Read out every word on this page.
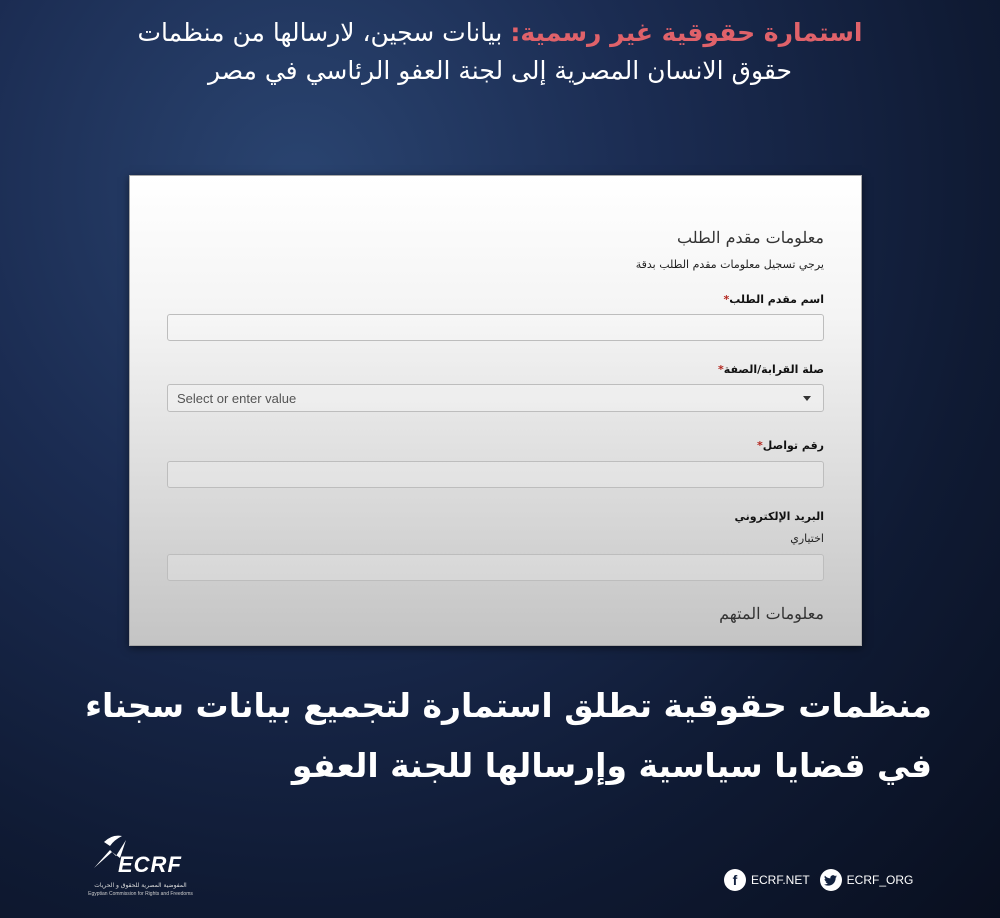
استمارة حقوقية غير رسمية: بيانات سجين، لارسالها من منظمات حقوق الانسان المصرية إلى لجنة العفو الرئاسي في مصر
معلومات مقدم الطلب
يرجي تسجيل معلومات مقدم الطلب بدقة
اسم مقدم الطلب*
صلة القرابة/الصفة*
Select or enter value
رقم تواصل*
البريد الإلكتروني
اختياري
معلومات المتهم
منظمات حقوقية تطلق استمارة لتجميع بيانات سجناء
في قضايا سياسية وإرسالها للجنة العفو
ECRF
المفوضية المصرية للحقوق و الحريات
Egyptian Commission for Rights and Freedoms
f	ECRF.NET	ECRF_ORG
